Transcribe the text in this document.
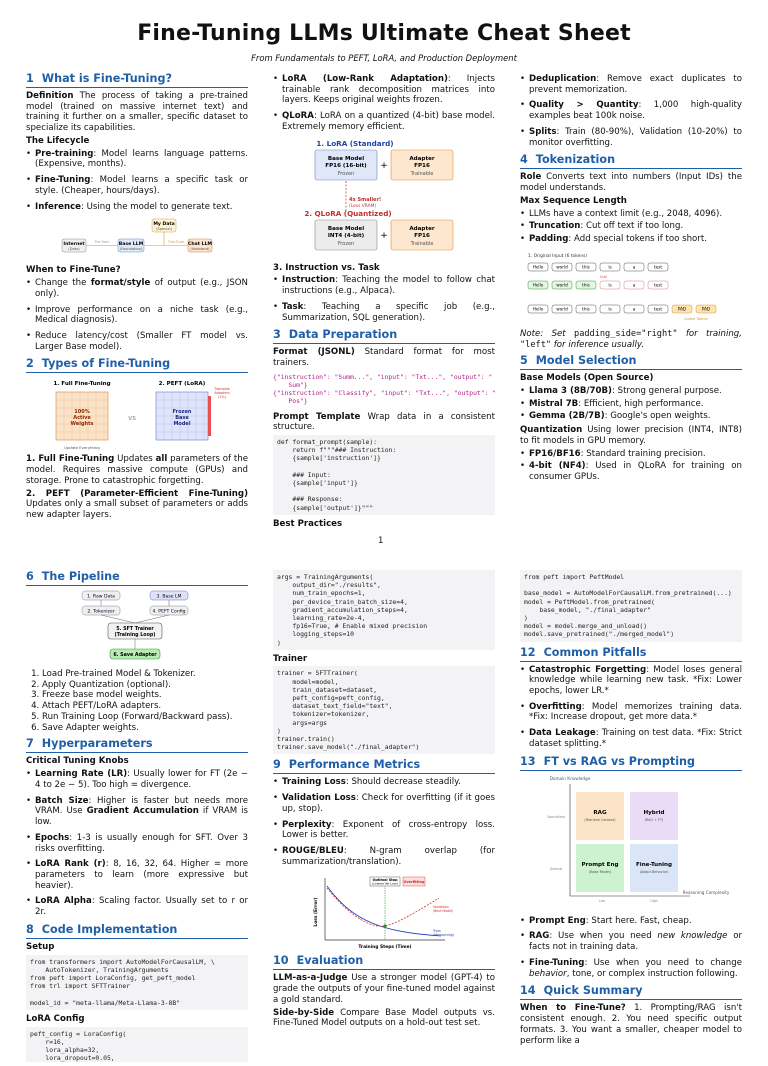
Fine-Tuning LLMs Ultimate Cheat Sheet
From Fundamentals to PEFT, LoRA, and Production Deployment
1 What is Fine-Tuning?

Definition The process of taking a pre-trained model (trained on massive internet text) and training it further on a smaller, specific dataset to specialize its capabilities.

The Lifecycle

• Pre-training: Model learns language patterns. (Expensive, months).
• Fine-Tuning: Model learns a specific task or style. (Cheaper, hours/days).
• Inference: Using the model to generate text.
Internet
(Data)
Pre-Train Base LLM
(Foundation)
My Data
(Special)
Fine-Tune Chat LLM
(Assistant)

When to Fine-Tune?

• Change the format/style of output (e.g., JSON only).
• Improve performance on a niche task (e.g., Medical diagnosis).
• Reduce latency/cost (Smaller FT model vs. Larger Base model).
2 Types of Fine-Tuning
1. Full Fine-Tuning	2. PEFT (LoRA)
100%
Active
Weights
Update Everything
vs
Frozen
Base
Model
Trainable
Adapters
(1%)

1. Full Fine-Tuning Updates all parameters of the model. Requires massive compute (GPUs) and storage. Prone to catastrophic forgetting.

2. PEFT (Parameter-Efficient Fine-Tuning) Updates only a small subset of parameters or adds new adapter layers.

• LoRA (Low-Rank Adaptation): Injects trainable rank decomposition matrices into layers. Keeps original weights frozen.
• QLoRA: LoRA on a quantized (4-bit) base model. Extremely memory efficient.
1. LoRA (Standard)
Base Model
FP16 (16-bit)
Frozen
+
Adapter
FP16
Trainable
4x Smaller!
(Less VRAM)
2. QLoRA (Quantized)
Base Model
INT4 (4-bit)
Frozen
+
Adapter
FP16
Trainable

3. Instruction vs. Task

• Instruction: Teaching the model to follow chat instructions (e.g., Alpaca).
• Task: Teaching a specific job (e.g., Summarization, SQL generation).
3 Data Preparation

Format (JSONL) Standard format for most trainers.

{"instruction": "Summ...", "input": "Txt...", "output": "
Sum"}
{"instruction": "Classify", "input": "Txt...", "output": "
Pos"}

Prompt Template Wrap data in a consistent structure.

def format_prompt(sample):
return f"""### Instruction:
{sample['instruction']}

### Input:
{sample['input']}

### Response:
{sample['output']}"""

Best Practices

• Deduplication: Remove exact duplicates to prevent memorization.
• Quality > Quantity: 1,000 high-quality examples beat 100k noise.
• Splits: Train (80-90%), Validation (10-20%) to monitor overfitting.
4 Tokenization

Role Converts text into numbers (Input IDs) the model understands.

Max Sequence Length

• LLMs have a context limit (e.g., 2048, 4096).
• Truncation: Cut off text if too long.
• Padding: Add special tokens if too short.
1. Original Input (6 tokens)
Hello	world	this	is	a	test
Hello	world	this	is	a	test
Cut!
Hello	world	this	is	a	test	PAD	PAD
Added Tokens

Note: Set padding_side="right" for training, "left" for inference usually.

5 Model Selection

Base Models (Open Source)

• Llama 3 (8B/70B): Strong general purpose.
• Mistral 7B: Efficient, high performance.
• Gemma (2B/7B): Google's open weights.

Quantization Using lower precision (INT4, INT8) to fit models in GPU memory.

• FP16/BF16: Standard training precision.
• 4-bit (NF4): Used in QLoRA for training on consumer GPUs.
1
6 The Pipeline
1. Raw Data	3. Base LM
2. Tokenizer	4. PEFT Config
5. SFT Trainer
(Training Loop)
6. Save Adapter
1. Load Pre-trained Model & Tokenizer.
2. Apply Quantization (optional).
3. Freeze base model weights.
4. Attach PEFT/LoRA adapters.
5. Run Training Loop (Forward/Backward pass).
6. Save Adapter weights.
7 Hyperparameters

Critical Tuning Knobs

• Learning Rate (LR): Usually lower for FT (2e − 4 to 2e − 5). Too high = divergence.
• Batch Size: Higher is faster but needs more VRAM. Use Gradient Accumulation if VRAM is low.
• Epochs: 1-3 is usually enough for SFT. Over 3 risks overfitting.
• LoRA Rank (r): 8, 16, 32, 64. Higher = more parameters to learn (more expressive but heavier).
• LoRA Alpha: Scaling factor. Usually set to r or 2r.
8 Code Implementation

Setup

from transformers import AutoModelForCausalLM, \
AutoTokenizer, TrainingArguments
from peft import LoraConfig, get_peft_model
from trl import SFTTrainer

model_id = "meta-llama/Meta-Llama-3-8B"

LoRA Config

peft_config = LoraConfig(
r=16,
lora_alpha=32,
lora_dropout=0.05,
args = TrainingArguments(
output_dir="./results",
num_train_epochs=1,
per_device_train_batch_size=4,
gradient_accumulation_steps=4,
learning_rate=2e-4,
fp16=True, # Enable mixed precision
logging_steps=10
)

Trainer

trainer = SFTTrainer(
model=model,
train_dataset=dataset,
peft_config=peft_config,
dataset_text_field="text",
tokenizer=tokenizer,
args=args
)
trainer.train()
trainer.save_model("./final_adapter")
9 Performance Metrics
• Training Loss: Should decrease steadily.
• Validation Loss: Check for overfitting (if it goes up, stop).
• Perplexity: Exponent of cross-entropy loss. Lower is better.
• ROUGE/BLEU: N-gram overlap (for summarization/translation).
Loss (Error)
Training Steps (Time)
Optimal Stop
(Lowest Val Loss) Overfitting
Validation
(Best Model)
Train
(Memorizing)
10 Evaluation

LLM-as-a-Judge Use a stronger model (GPT-4) to grade the outputs of your fine-tuned model against a gold standard.

Side-by-Side Compare Base Model outputs vs. Fine-Tuned Model outputs on a hold-out test set.

from peft import PeftModel

base_model = AutoModelForCausalLM.from_pretrained(...)
model = PeftModel.from_pretrained(
base_model, "./final_adapter"
)
model = model.merge_and_unload()
model.save_pretrained("./merged_model")
12 Common Pitfalls
• Catastrophic Forgetting: Model loses general knowledge while learning new task. *Fix: Lower epochs, lower LR.*
• Overfitting: Model memorizes training data. *Fix: Increase dropout, get more data.*
• Data Leakage: Training on test data. *Fix: Strict dataset splitting.*
13 FT vs RAG vs Prompting
Domain Knowledge
Reasoning Complexity
Specialized
General
Low	High
RAG
(Retrieve Context)
Hybrid
(RAG + FT)
Prompt Eng
(Base Model)
Fine-Tuning
(Adapt Behavior)
• Prompt Eng: Start here. Fast, cheap.
• RAG: Use when you need new knowledge or facts not in training data.
• Fine-Tuning: Use when you need to change behavior, tone, or complex instruction following.
14 Quick Summary

When to Fine-Tune? 1. Prompting/RAG isn't consistent enough. 2. You need specific output formats. 3. You want a smaller, cheaper model to perform like a
